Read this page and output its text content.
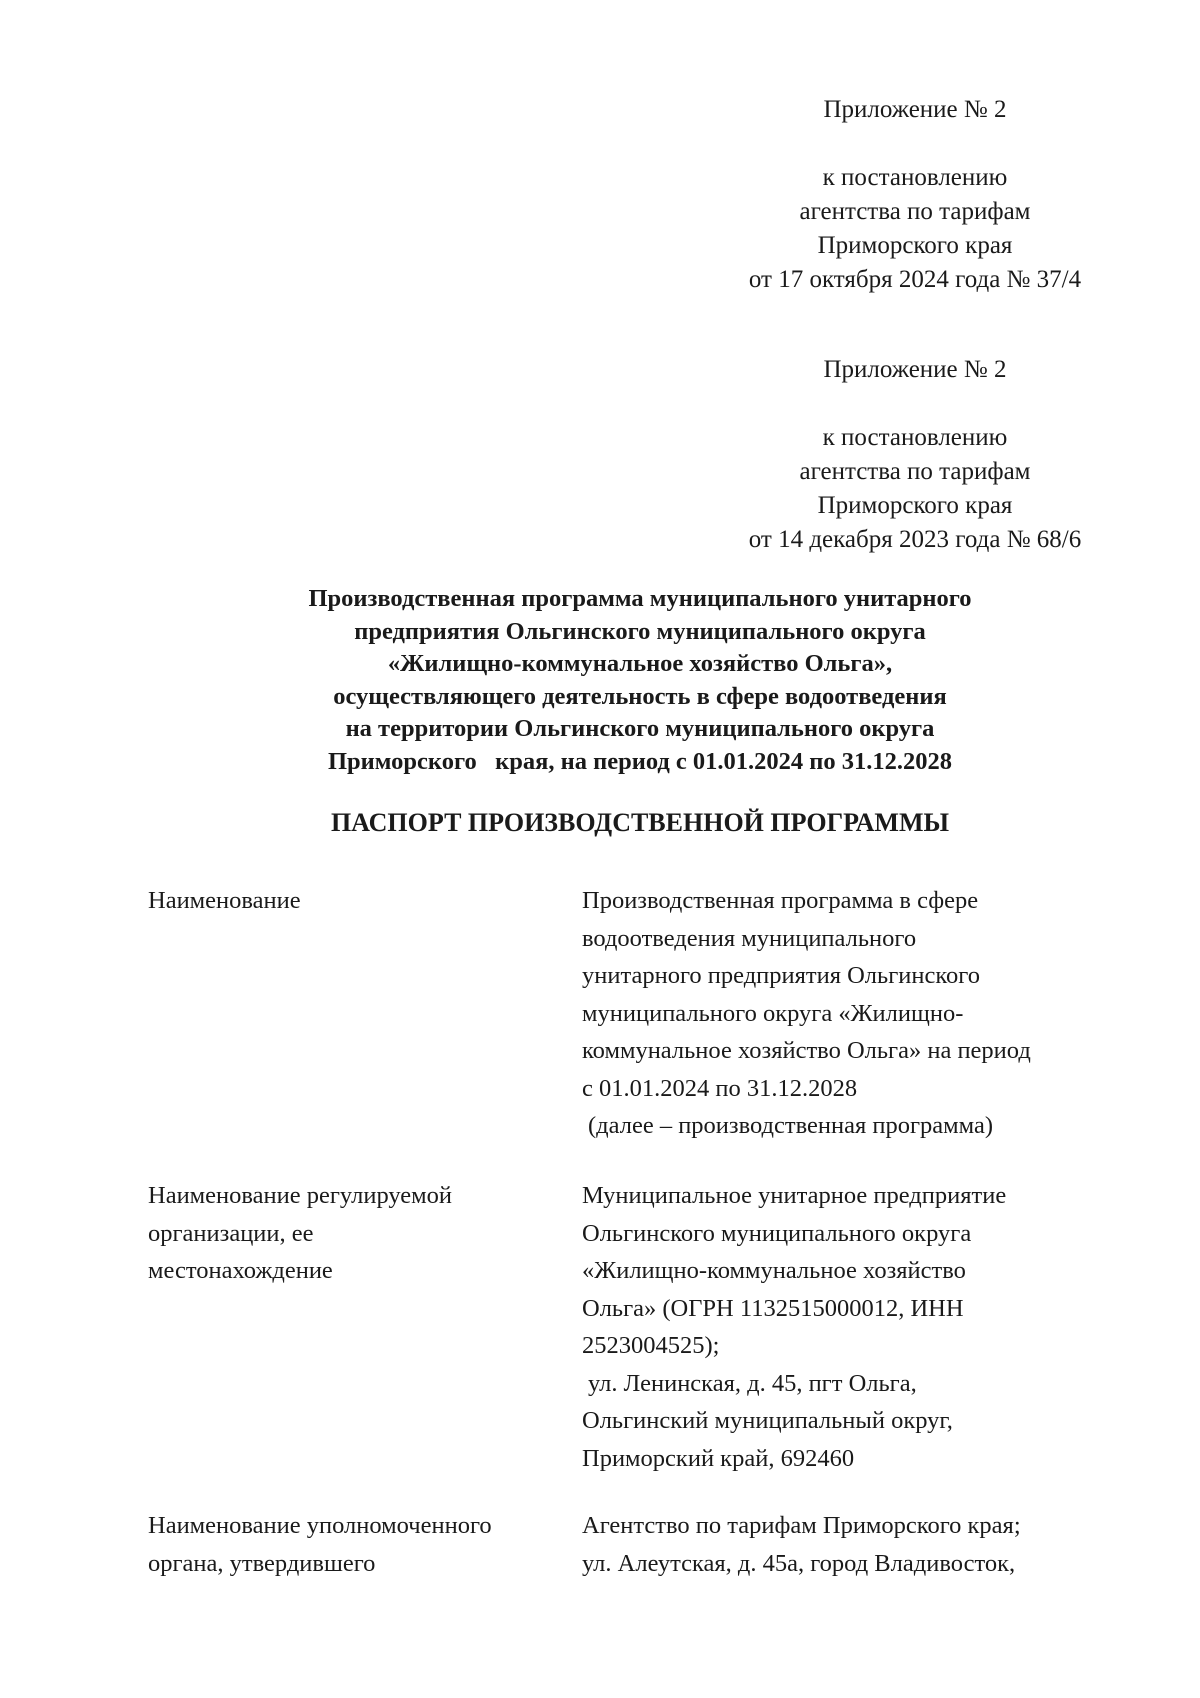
Приложение № 2
к постановлению
агентства по тарифам
Приморского края
от 17 октября 2024 года № 37/4
Приложение № 2
к постановлению
агентства по тарифам
Приморского края
от 14 декабря 2023 года № 68/6
Производственная программа муниципального унитарного
предприятия Ольгинского муниципального округа
«Жилищно-коммунальное хозяйство Ольга»,
осуществляющего деятельность в сфере водоотведения
на территории Ольгинского муниципального округа
Приморского   края, на период с 01.01.2024 по 31.12.2028
ПАСПОРТ ПРОИЗВОДСТВЕННОЙ ПРОГРАММЫ
Наименование	Производственная программа в сфере
водоотведения муниципального
унитарного предприятия Ольгинского
муниципального округа «Жилищно-
коммунальное хозяйство Ольга» на период
с 01.01.2024 по 31.12.2028
(далее – производственная программа)
Наименование регулируемой
организации, ее
местонахождение
Муниципальное унитарное предприятие
Ольгинского муниципального округа
«Жилищно-коммунальное хозяйство
Ольга» (ОГРН 1132515000012, ИНН
2523004525);
ул. Ленинская, д. 45, пгт Ольга,
Ольгинский муниципальный округ,
Приморский край, 692460
Наименование уполномоченного
органа, утвердившего
Агентство по тарифам Приморского края;
ул. Алеутская, д. 45а, город Владивосток,
